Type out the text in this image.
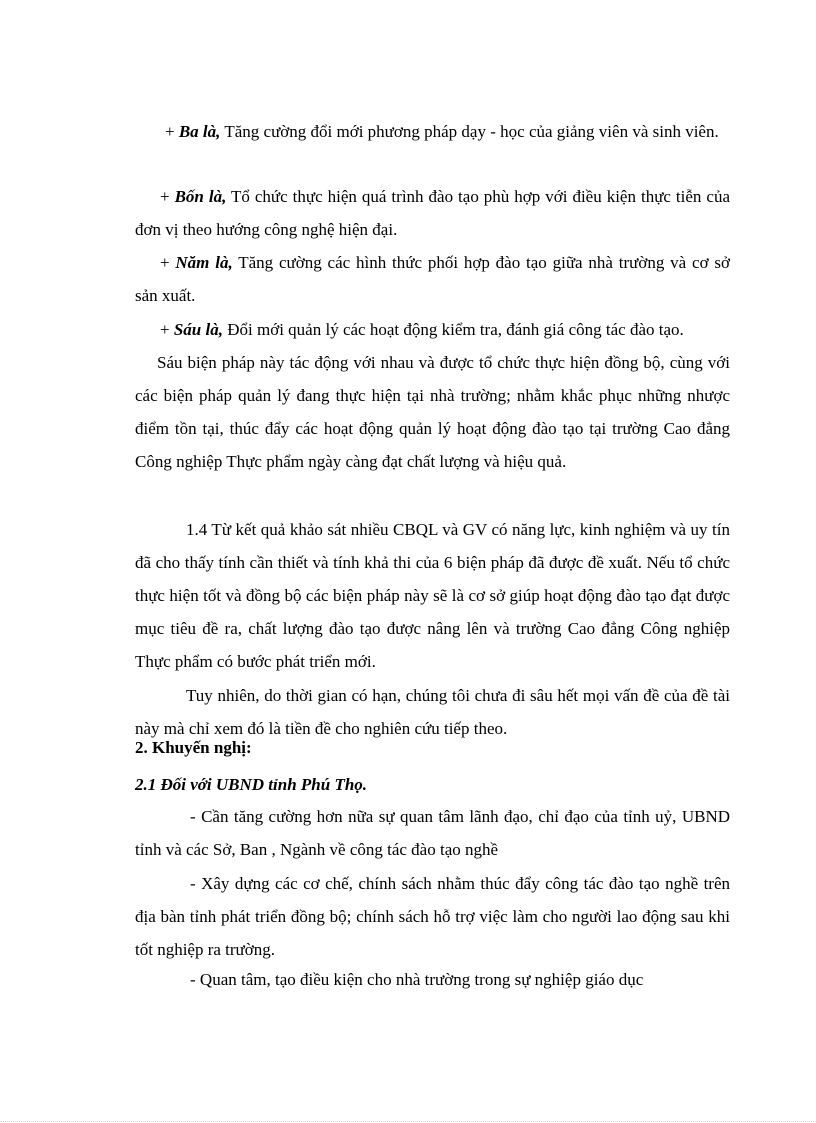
+ Ba là, Tăng cường đổi mới phương pháp dạy - học của giảng viên và sinh viên.

+ Bốn là, Tổ chức thực hiện quá trình đào tạo phù hợp với điều kiện thực tiễn của đơn vị theo hướng công nghệ hiện đại.

+ Năm là, Tăng cường các hình thức phối hợp đào tạo giữa nhà trường và cơ sở sản xuất.

+ Sáu là, Đổi mới quản lý các hoạt động kiểm tra, đánh giá công tác đào tạo.

Sáu biện pháp này tác động với nhau và được tổ chức thực hiện đồng bộ, cùng với các biện pháp quản lý đang thực hiện tại nhà trường; nhằm khắc phục những nhược điểm tồn tại, thúc đẩy các hoạt động quản lý hoạt động đào tạo tại trường Cao đẳng Công nghiệp Thực phẩm ngày càng đạt chất lượng và hiệu quả.

1.4 Từ kết quả khảo sát nhiều CBQL và GV có năng lực, kinh nghiệm và uy tín đã cho thấy tính cần thiết và tính khả thi của 6 biện pháp đã được đề xuất. Nếu tổ chức thực hiện tốt và đồng bộ các biện pháp này sẽ là cơ sở giúp hoạt động đào tạo đạt được mục tiêu đề ra, chất lượng đào tạo được nâng lên và trường Cao đẳng Công nghiệp Thực phẩm có bước phát triển mới.

Tuy nhiên, do thời gian có hạn, chúng tôi chưa đi sâu hết mọi vấn đề của đề tài này mà chỉ xem đó là tiền đề cho nghiên cứu tiếp theo.

2. Khuyến nghị:

2.1 Đối với UBND tỉnh Phú Thọ.

- Cần tăng cường hơn nữa sự quan tâm lãnh đạo, chỉ đạo của tỉnh uỷ, UBND tỉnh và các Sở, Ban , Ngành về công tác đào tạo nghề

- Xây dựng các cơ chế, chính sách nhằm thúc đẩy công tác đào tạo nghề trên địa bàn tỉnh phát triển đồng bộ; chính sách hỗ trợ việc làm cho người lao động sau khi tốt nghiệp ra trường.

- Quan tâm, tạo điều kiện cho nhà trường trong sự nghiệp giáo dục
